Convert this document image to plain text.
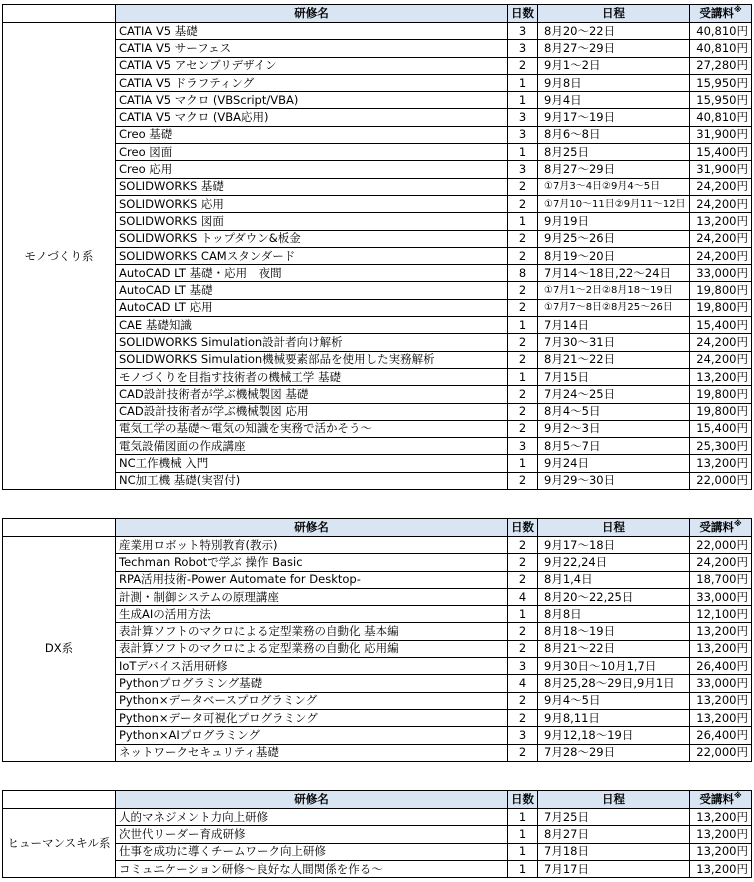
	研修名	日数	日程	受講料※
モノづくり系	CATIA V5 基礎	3	8月20～22日	40,810円
	CATIA V5 サーフェス	3	8月27～29日	40,810円
	CATIA V5 アセンブリデザイン	2	9月1～2日	27,280円
	CATIA V5 ドラフティング	1	9月8日	15,950円
	CATIA V5 マクロ (VBScript/VBA)	1	9月4日	15,950円
	CATIA V5 マクロ (VBA応用)	3	9月17～19日	40,810円
	Creo 基礎	3	8月6～8日	31,900円
	Creo 図面	1	8月25日	15,400円
	Creo 応用	3	8月27～29日	31,900円
	SOLIDWORKS 基礎	2	①7月3～4日②9月4～5日	24,200円
	SOLIDWORKS 応用	2	①7月10～11日②9月11～12日	24,200円
	SOLIDWORKS 図面	1	9月19日	13,200円
	SOLIDWORKS トップダウン&板金	2	9月25～26日	24,200円
	SOLIDWORKS CAMスタンダード	2	8月19～20日	24,200円
	AutoCAD LT 基礎・応用　夜間	8	7月14～18日,22～24日	33,000円
	AutoCAD LT 基礎	2	①7月1～2日②8月18～19日	19,800円
	AutoCAD LT 応用	2	①7月7～8日②8月25～26日	19,800円
	CAE 基礎知識	1	7月14日	15,400円
	SOLIDWORKS Simulation設計者向け解析	2	7月30～31日	24,200円
	SOLIDWORKS Simulation機械要素部品を使用した実務解析	2	8月21～22日	24,200円
	モノづくりを目指す技術者の機械工学 基礎	1	7月15日	13,200円
	CAD設計技術者が学ぶ機械製図 基礎	2	7月24～25日	19,800円
	CAD設計技術者が学ぶ機械製図 応用	2	8月4～5日	19,800円
	電気工学の基礎～電気の知識を実務で活かそう～	2	9月2～3日	15,400円
	電気設備図面の作成講座	3	8月5～7日	25,300円
	NC工作機械 入門	1	9月24日	13,200円
	NC加工機 基礎(実習付)	2	9月29～30日	22,000円
	研修名	日数	日程	受講料※
DX系	産業用ロボット特別教育(教示)	2	9月17～18日	22,000円
	Techman Robotで学ぶ 操作 Basic	2	9月22,24日	24,200円
	RPA活用技術-Power Automate for Desktop-	2	8月1,4日	18,700円
	計測・制御システムの原理講座	4	8月20～22,25日	33,000円
	生成AIの活用方法	1	8月8日	12,100円
	表計算ソフトのマクロによる定型業務の自動化 基本編	2	8月18～19日	13,200円
	表計算ソフトのマクロによる定型業務の自動化 応用編	2	8月21～22日	13,200円
	IoTデバイス活用研修	3	9月30日～10月1,7日	26,400円
	Pythonプログラミング基礎	4	8月25,28～29日,9月1日	33,000円
	Python×データベースプログラミング	2	9月4～5日	13,200円
	Python×データ可視化プログラミング	2	9月8,11日	13,200円
	Python×AIプログラミング	3	9月12,18～19日	26,400円
	ネットワークセキュリティ基礎	2	7月28～29日	22,000円
	研修名	日数	日程	受講料※
ヒューマンスキル系	人的マネジメント力向上研修	1	7月25日	13,200円
	次世代リーダー育成研修	1	8月27日	13,200円
	仕事を成功に導くチームワーク向上研修	1	7月18日	13,200円
	コミュニケーション研修～良好な人間関係を作る～	1	7月17日	13,200円
